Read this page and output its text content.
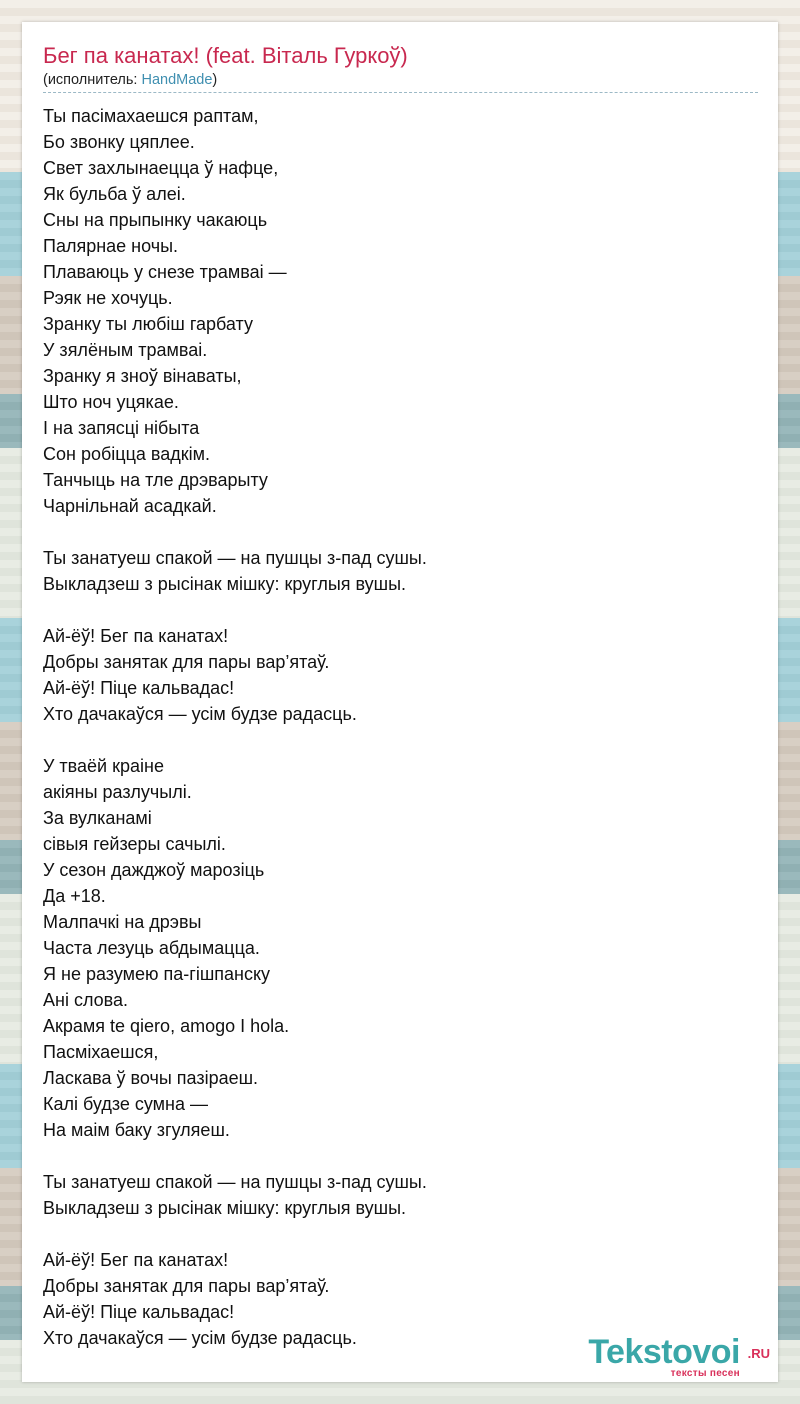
Бег па канатах! (feat. Віталь Гуркоў)
(исполнитель: HandMade)
Ты пасімахаешся раптам,
Бо звонку цяплее.
Свет захлынаецца ў нафце,
Як бульба ў алеі.
Сны на прыпынку чакаюць
Палярнае ночы.
Плаваюць у снезе трамваі —
Рэяк не хочуць.
Зранку ты любіш гарбату
У зялёным трамваі.
Зранку я зноў вінаваты,
Што ноч уцякае.
І на запясці нібыта
Сон робіцца вадкім.
Танчыць на тле дрэварыту
Чарнільнай асадкай.
Ты занатуеш спакой — на пушцы з-пад сушы.
Выкладзеш з рысінак мішку: круглыя вушы.
Ай-ёў! Бег па канатах!
Добры занятак для пары вар’ятаў.
Ай-ёў! Піце кальвадас!
Хто дачакаўся — усім будзе радасць.
У тваёй краіне
акіяны разлучылі.
За вулканамі
сівыя гейзеры сачылі.
У сезон дажджоў марозіць
Да +18.
Малпачкі на дрэвы
Часта лезуць абдымацца.
Я не разумею па-гішпанску
Ані слова.
Акрамя te qiero, amogo I hola.
Пасміхаешся,
Ласкава ў вочы пазіраеш.
Калі будзе сумна —
На маім баку згуляеш.
Ты занатуеш спакой — на пушцы з-пад сушы.
Выкладзеш з рысінак мішку: круглыя вушы.
Ай-ёў! Бег па канатах!
Добры занятак для пары вар’ятаў.
Ай-ёў! Піце кальвадас!
Хто дачакаўся — усім будзе радасць.	Tekstovoi .RU
тексты песен
